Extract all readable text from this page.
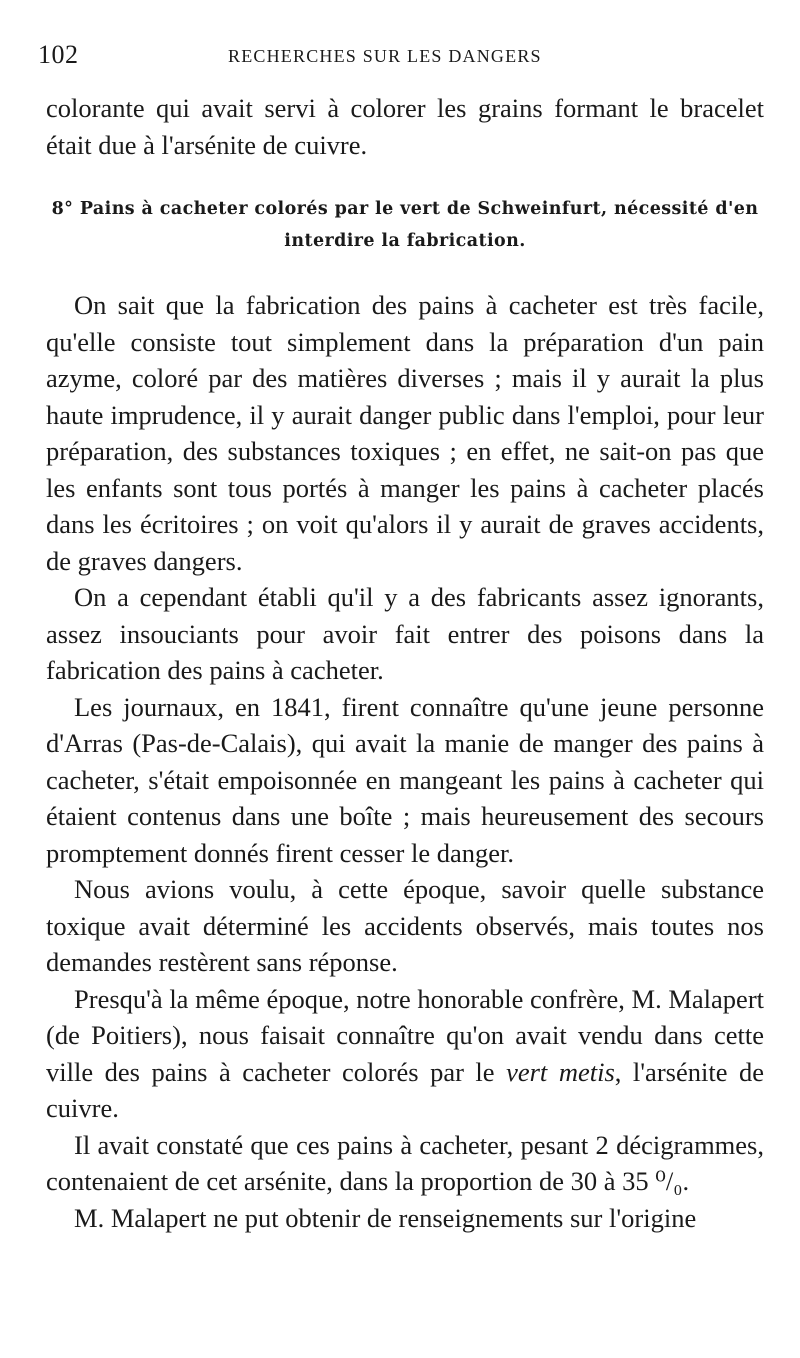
102	RECHERCHES SUR LES DANGERS

colorante qui avait servi à colorer les grains formant le bracelet était due à l'arsénite de cuivre.

8° Pains à cacheter colorés par le vert de Schweinfurt, nécessité d'en interdire la fabrication.

On sait que la fabrication des pains à cacheter est très facile, qu'elle consiste tout simplement dans la préparation d'un pain azyme, coloré par des matières diverses ; mais il y aurait la plus haute imprudence, il y aurait danger public dans l'emploi, pour leur préparation, des substances toxiques ; en effet, ne sait-on pas que les enfants sont tous portés à manger les pains à cacheter placés dans les écritoires ; on voit qu'alors il y aurait de graves accidents, de graves dangers.

On a cependant établi qu'il y a des fabricants assez ignorants, assez insouciants pour avoir fait entrer des poisons dans la fabrication des pains à cacheter.

Les journaux, en 1841, firent connaître qu'une jeune personne d'Arras (Pas-de-Calais), qui avait la manie de manger des pains à cacheter, s'était empoisonnée en mangeant les pains à cacheter qui étaient contenus dans une boîte ; mais heureusement des secours promptement donnés firent cesser le danger.

Nous avions voulu, à cette époque, savoir quelle substance toxique avait déterminé les accidents observés, mais toutes nos demandes restèrent sans réponse.

Presqu'à la même époque, notre honorable confrère, M. Malapert (de Poitiers), nous faisait connaître qu'on avait vendu dans cette ville des pains à cacheter colorés par le vert metis, l'arsénite de cuivre.

Il avait constaté que ces pains à cacheter, pesant 2 décigrammes, contenaient de cet arsénite, dans la proportion de 30 à 35 ⁰/₀.

M. Malapert ne put obtenir de renseignements sur l'origine
